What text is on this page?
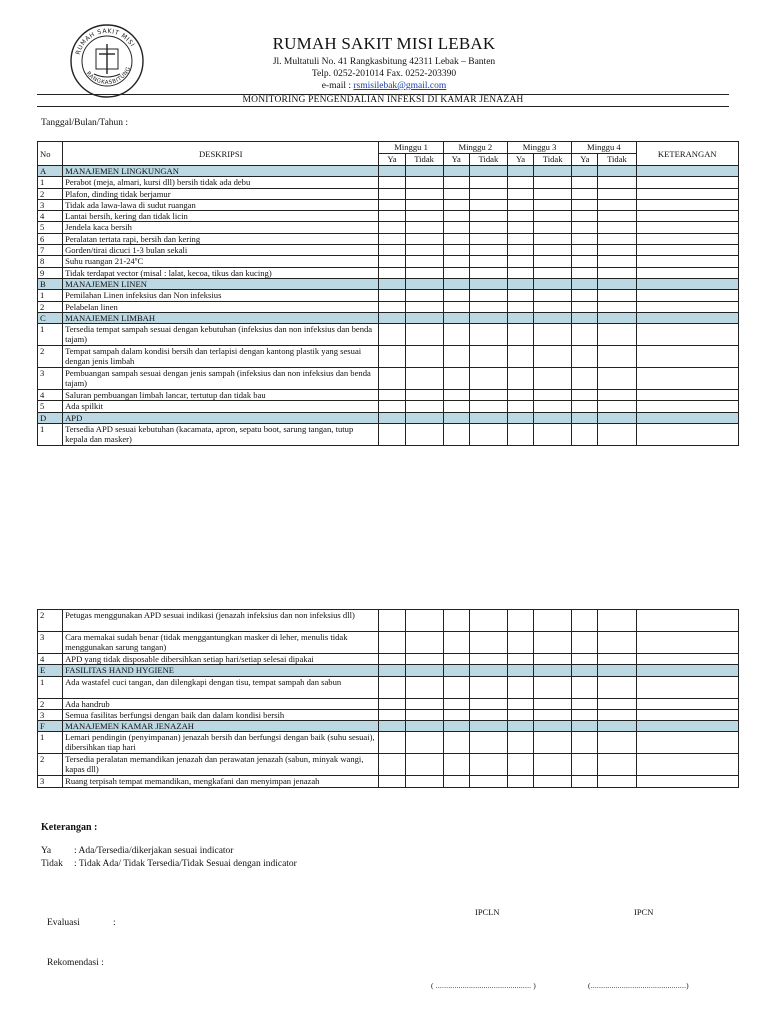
RUMAH SAKIT MISI
RANGKASBITUNG
RUMAH SAKIT MISI LEBAK
Jl. Multatuli No. 41 Rangkasbitung 42311 Lebak – Banten
Telp. 0252-201014 Fax. 0252-203390
e-mail : rsmisilebak@gmail.com
MONITORING PENGENDALIAN INFEKSI DI KAMAR JENAZAH
Tanggal/Bulan/Tahun :
No	DESKRIPSI	Minggu 1		Minggu 2		Minggu 3		Minggu 4		KETERANGAN
		Ya	Tidak	Ya	Tidak	Ya	Tidak	Ya	Tidak	
A	MANAJEMEN LINGKUNGAN									
1	Perabot (meja, almari, kursi dll) bersih tidak ada debu									
2	Plafon, dinding tidak berjamur									
3	Tidak ada lawa-lawa di sudut ruangan									
4	Lantai bersih, kering dan tidak licin									
5	Jendela kaca bersih									
6	Peralatan tertata rapi, bersih dan kering									
7	Gorden/tirai dicuci 1-3 bulan sekali									
8	Suhu ruangan 21-24ºC									
9	Tidak terdapat vector (misal : lalat, kecoa, tikus dan kucing)									
B	MANAJEMEN LINEN									
1	Pemilahan Linen infeksius dan Non infeksius									
2	Pelabelan linen									
C	MANAJEMEN LIMBAH									
1	Tersedia tempat sampah sesuai dengan kebutuhan (infeksius dan non infeksius dan benda tajam)									
2	Tempat sampah dalam kondisi bersih dan terlapisi dengan kantong plastik yang sesuai dengan jenis limbah									
3	Pembuangan sampah sesuai dengan jenis sampah (infeksius dan non infeksius dan benda tajam)									
4	Saluran pembuangan limbah lancar, tertutup dan tidak bau									
5	Ada spilkit									
D	APD									
1	Tersedia APD sesuai kebutuhan (kacamata, apron, sepatu boot, sarung tangan, tutup kepala dan masker)									
2	Petugas menggunakan APD sesuai indikasi (jenazah infeksius dan non infeksius dll)									
3	Cara memakai sudah benar (tidak menggantungkan masker di leher, menulis tidak menggunakan sarung tangan)									
4	APD yang tidak disposable dibersihkan setiap hari/setiap selesai dipakai									
E	FASILITAS HAND HYGIENE									
1	Ada wastafel cuci tangan, dan dilengkapi dengan tisu, tempat sampah dan sabun									
2	Ada handrub									
3	Semua fasilitas berfungsi dengan baik dan dalam kondisi bersih									
F	MANAJEMEN KAMAR JENAZAH									
1	Lemari pendingin (penyimpanan) jenazah bersih dan berfungsi dengan baik (suhu sesuai), dibersihkan tiap hari									
2	Tersedia peralatan memandikan jenazah dan perawatan jenazah (sabun, minyak wangi, kapas dll)									
3	Ruang terpisah tempat memandikan, mengkafani dan menyimpan jenazah									
Keterangan :
Ya : Ada/Tersedia/dikerjakan sesuai indicator
Tidak : Tidak Ada/ Tidak Tersedia/Tidak Sesuai dengan indicator
IPCLN	IPCN
Evaluasi	:
Rekomendasi :
( .............................................. )	(..............................................)
